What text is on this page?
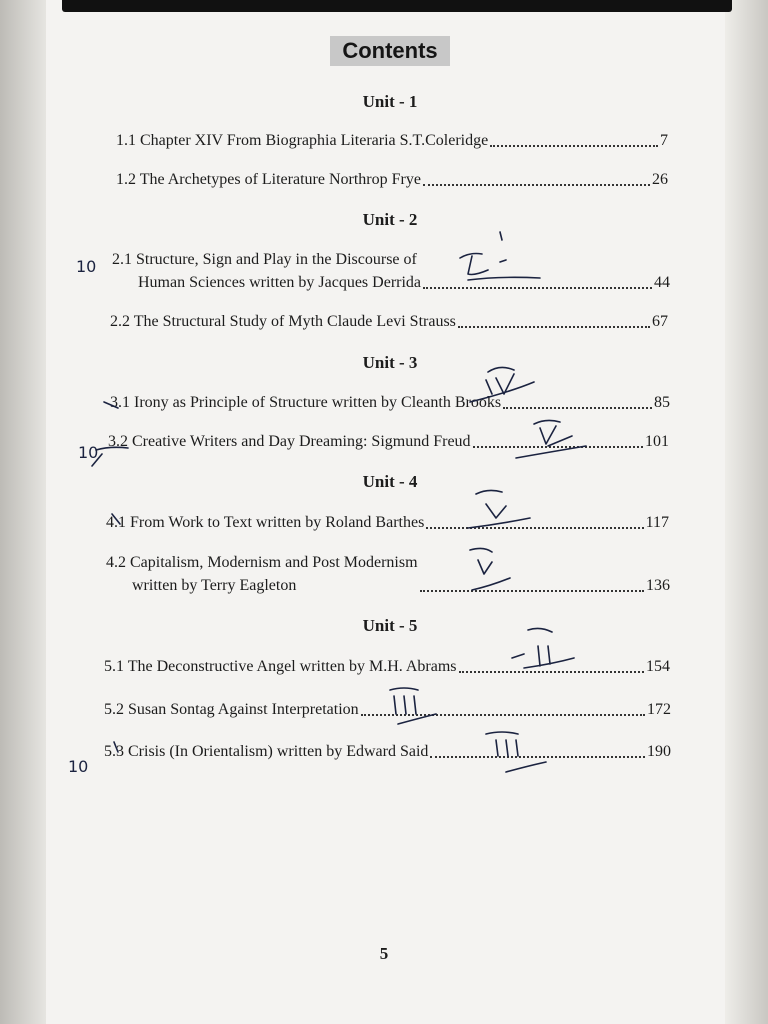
Contents
Unit - 1
1.1 Chapter XIV From Biographia Literaria S.T.Coleridge	7
1.2 The Archetypes of Literature Northrop Frye	26
Unit - 2
2.1 Structure, Sign and Play in the Discourse of
Human Sciences written by Jacques Derrida	44
2.2 The Structural Study of Myth Claude Levi Strauss	67
Unit - 3
3.1 Irony as Principle of Structure written by Cleanth Brooks	85
3.2 Creative Writers and Day Dreaming: Sigmund Freud	101
Unit - 4
4.1 From Work to Text written by Roland Barthes	117
4.2 Capitalism, Modernism and Post Modernism
written by Terry Eagleton	136
Unit - 5
5.1 The Deconstructive Angel written by M.H. Abrams	154
5.2 Susan Sontag Against Interpretation	172
5.3 Crisis (In Orientalism) written by Edward Said	190
5
10
10
10
